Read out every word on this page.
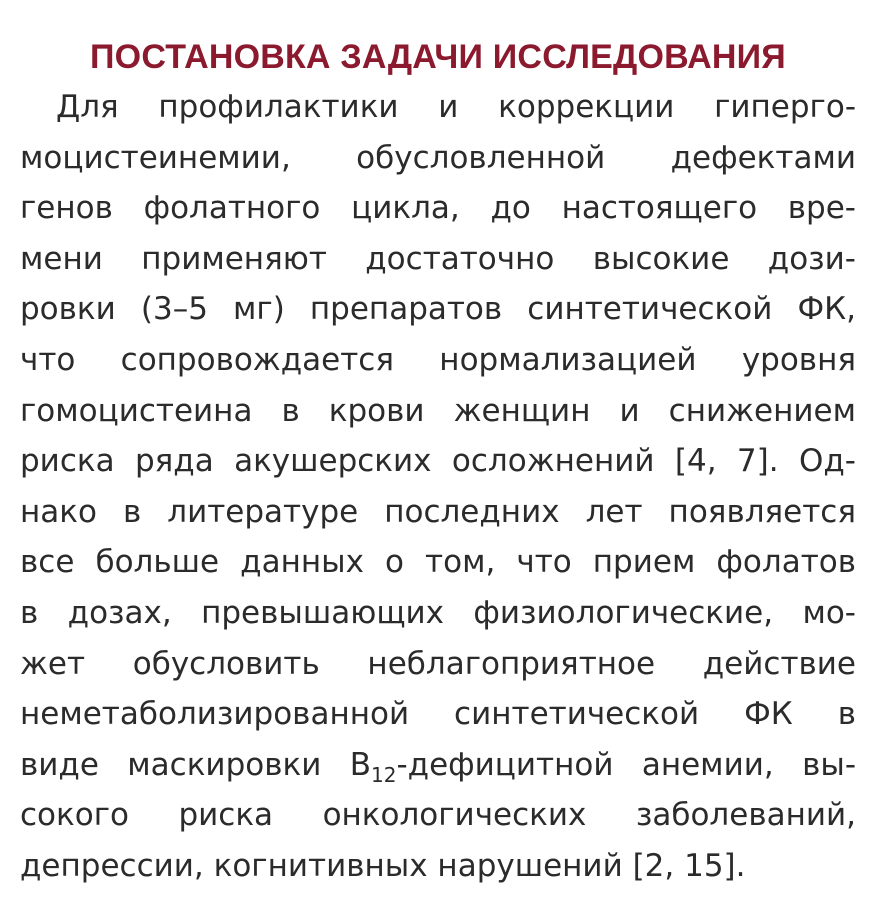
ПОСТАНОВКА ЗАДАЧИ ИССЛЕДОВАНИЯ
Для профилактики и коррекции гиперго-
моцистеинемии, обусловленной дефектами
генов фолатного цикла, до настоящего вре-
мени применяют достаточно высокие дози-
ровки (3–5 мг) препаратов синтетической ФК,
что сопровождается нормализацией уровня
гомоцистеина в крови женщин и снижением
риска ряда акушерских осложнений [4, 7]. Од-
нако в литературе последних лет появляется
все больше данных о том, что прием фолатов
в дозах, превышающих физиологические, мо-
жет обусловить неблагоприятное действие
неметаболизированной синтетической ФК в
виде маскировки $В_{12}$-дефицитной анемии, вы-
сокого риска онкологических заболеваний,
депрессии, когнитивных нарушений [2, 15].
